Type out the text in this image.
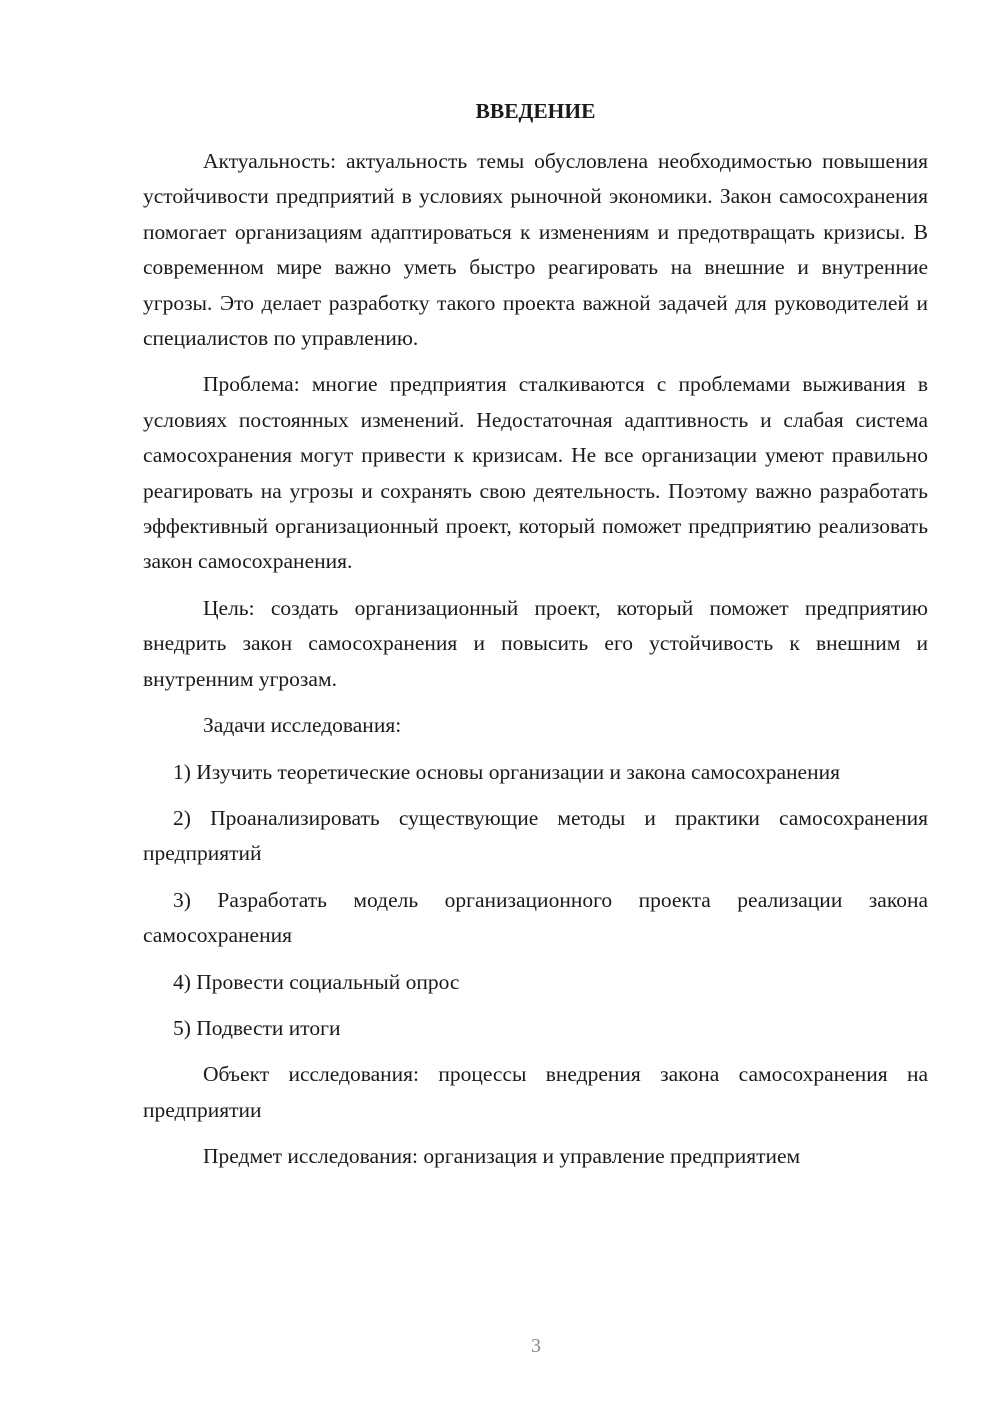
ВВЕДЕНИЕ

Актуальность: актуальность темы обусловлена необходимостью повышения устойчивости предприятий в условиях рыночной экономики. Закон самосохранения помогает организациям адаптироваться к изменениям и предотвращать кризисы. В современном мире важно уметь быстро реагировать на внешние и внутренние угрозы. Это делает разработку такого проекта важной задачей для руководителей и специалистов по управлению.

Проблема: многие предприятия сталкиваются с проблемами выживания в условиях постоянных изменений. Недостаточная адаптивность и слабая система самосохранения могут привести к кризисам. Не все организации умеют правильно реагировать на угрозы и сохранять свою деятельность. Поэтому важно разработать эффективный организационный проект, который поможет предприятию реализовать закон самосохранения.

Цель: создать организационный проект, который поможет предприятию внедрить закон самосохранения и повысить его устойчивость к внешним и внутренним угрозам.

Задачи исследования:

1) Изучить теоретические основы организации и закона самосохранения

2) Проанализировать существующие методы и практики самосохранения предприятий

3) Разработать модель организационного проекта реализации закона самосохранения

4) Провести социальный опрос

5) Подвести итоги

Объект исследования: процессы внедрения закона самосохранения на предприятии

Предмет исследования: организация и управление предприятием

3
